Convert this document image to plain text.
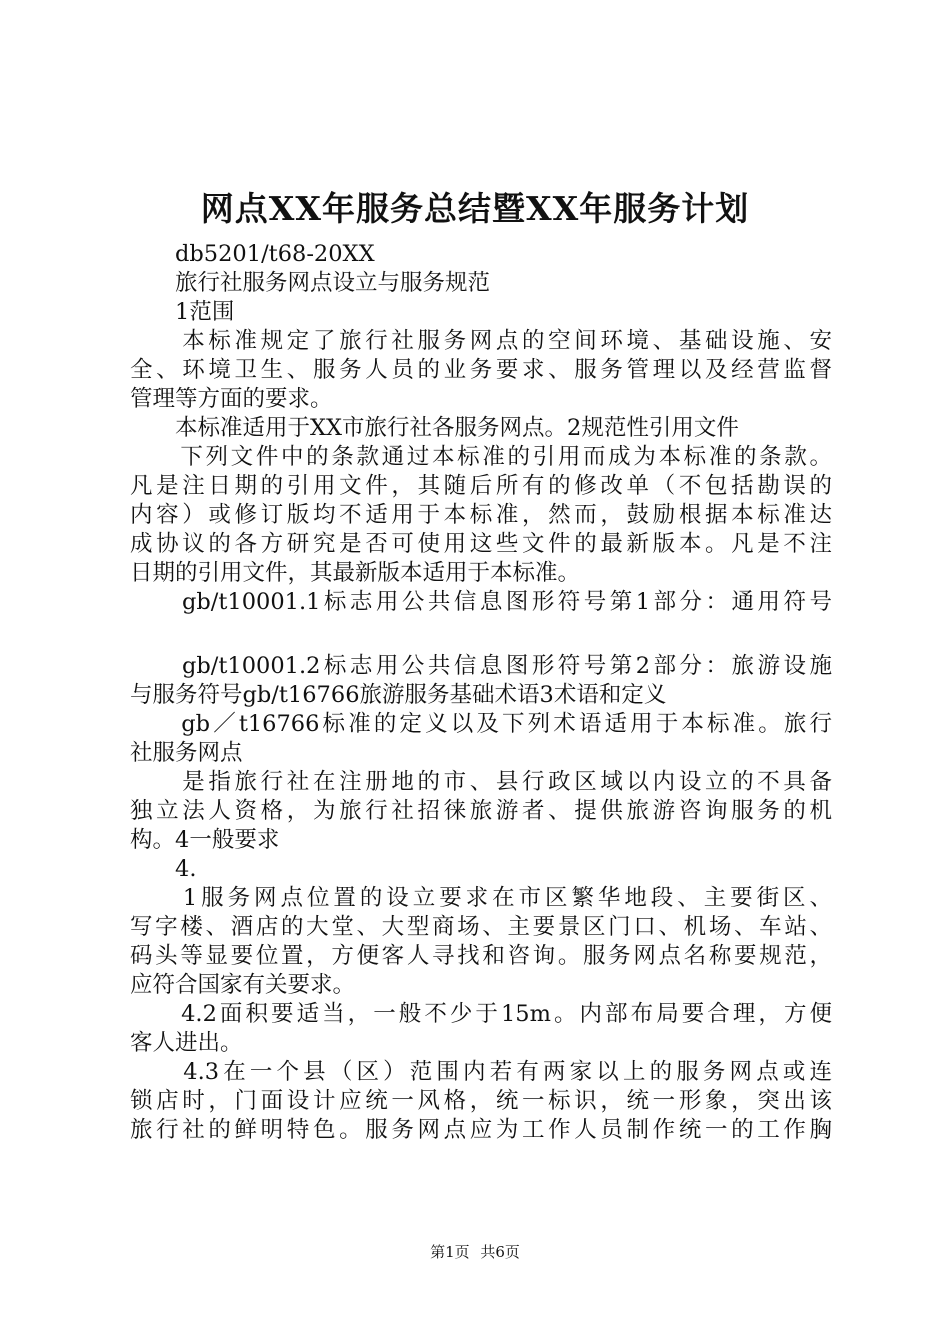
网点XX年服务总结暨XX年服务计划

　　db5201/t68-20XX

　　旅行社服务网点设立与服务规范

　　1范围

　　本标准规定了旅行社服务网点的空间环境、基础设施、安

全、环境卫生、服务人员的业务要求、服务管理以及经营监督

管理等方面的要求。

　　本标准适用于XX市旅行社各服务网点。2规范性引用文件

　　下列文件中的条款通过本标准的引用而成为本标准的条款。

凡是注日期的引用文件，其随后所有的修改单（不包括勘误的

内容）或修订版均不适用于本标准，然而，鼓励根据本标准达

成协议的各方研究是否可使用这些文件的最新版本。凡是不注

日期的引用文件，其最新版本适用于本标准。

　　gb/t10001.1标志用公共信息图形符号第1部分：通用符号

　　gb/t10001.2标志用公共信息图形符号第2部分：旅游设施

与服务符号gb/t16766旅游服务基础术语3术语和定义

　　gb／t16766标准的定义以及下列术语适用于本标准。旅行

社服务网点

　　是指旅行社在注册地的市、县行政区域以内设立的不具备

独立法人资格，为旅行社招徕旅游者、提供旅游咨询服务的机

构。4一般要求

　　4.

　　1服务网点位置的设立要求在市区繁华地段、主要街区、

写字楼、酒店的大堂、大型商场、主要景区门口、机场、车站、

码头等显要位置，方便客人寻找和咨询。服务网点名称要规范，

应符合国家有关要求。

　　4.2面积要适当，一般不少于15m。内部布局要合理，方便

客人进出。

　　4.3在一个县（区）范围内若有两家以上的服务网点或连

锁店时，门面设计应统一风格，统一标识，统一形象，突出该

旅行社的鲜明特色。服务网点应为工作人员制作统一的工作胸

第1页 共6页
